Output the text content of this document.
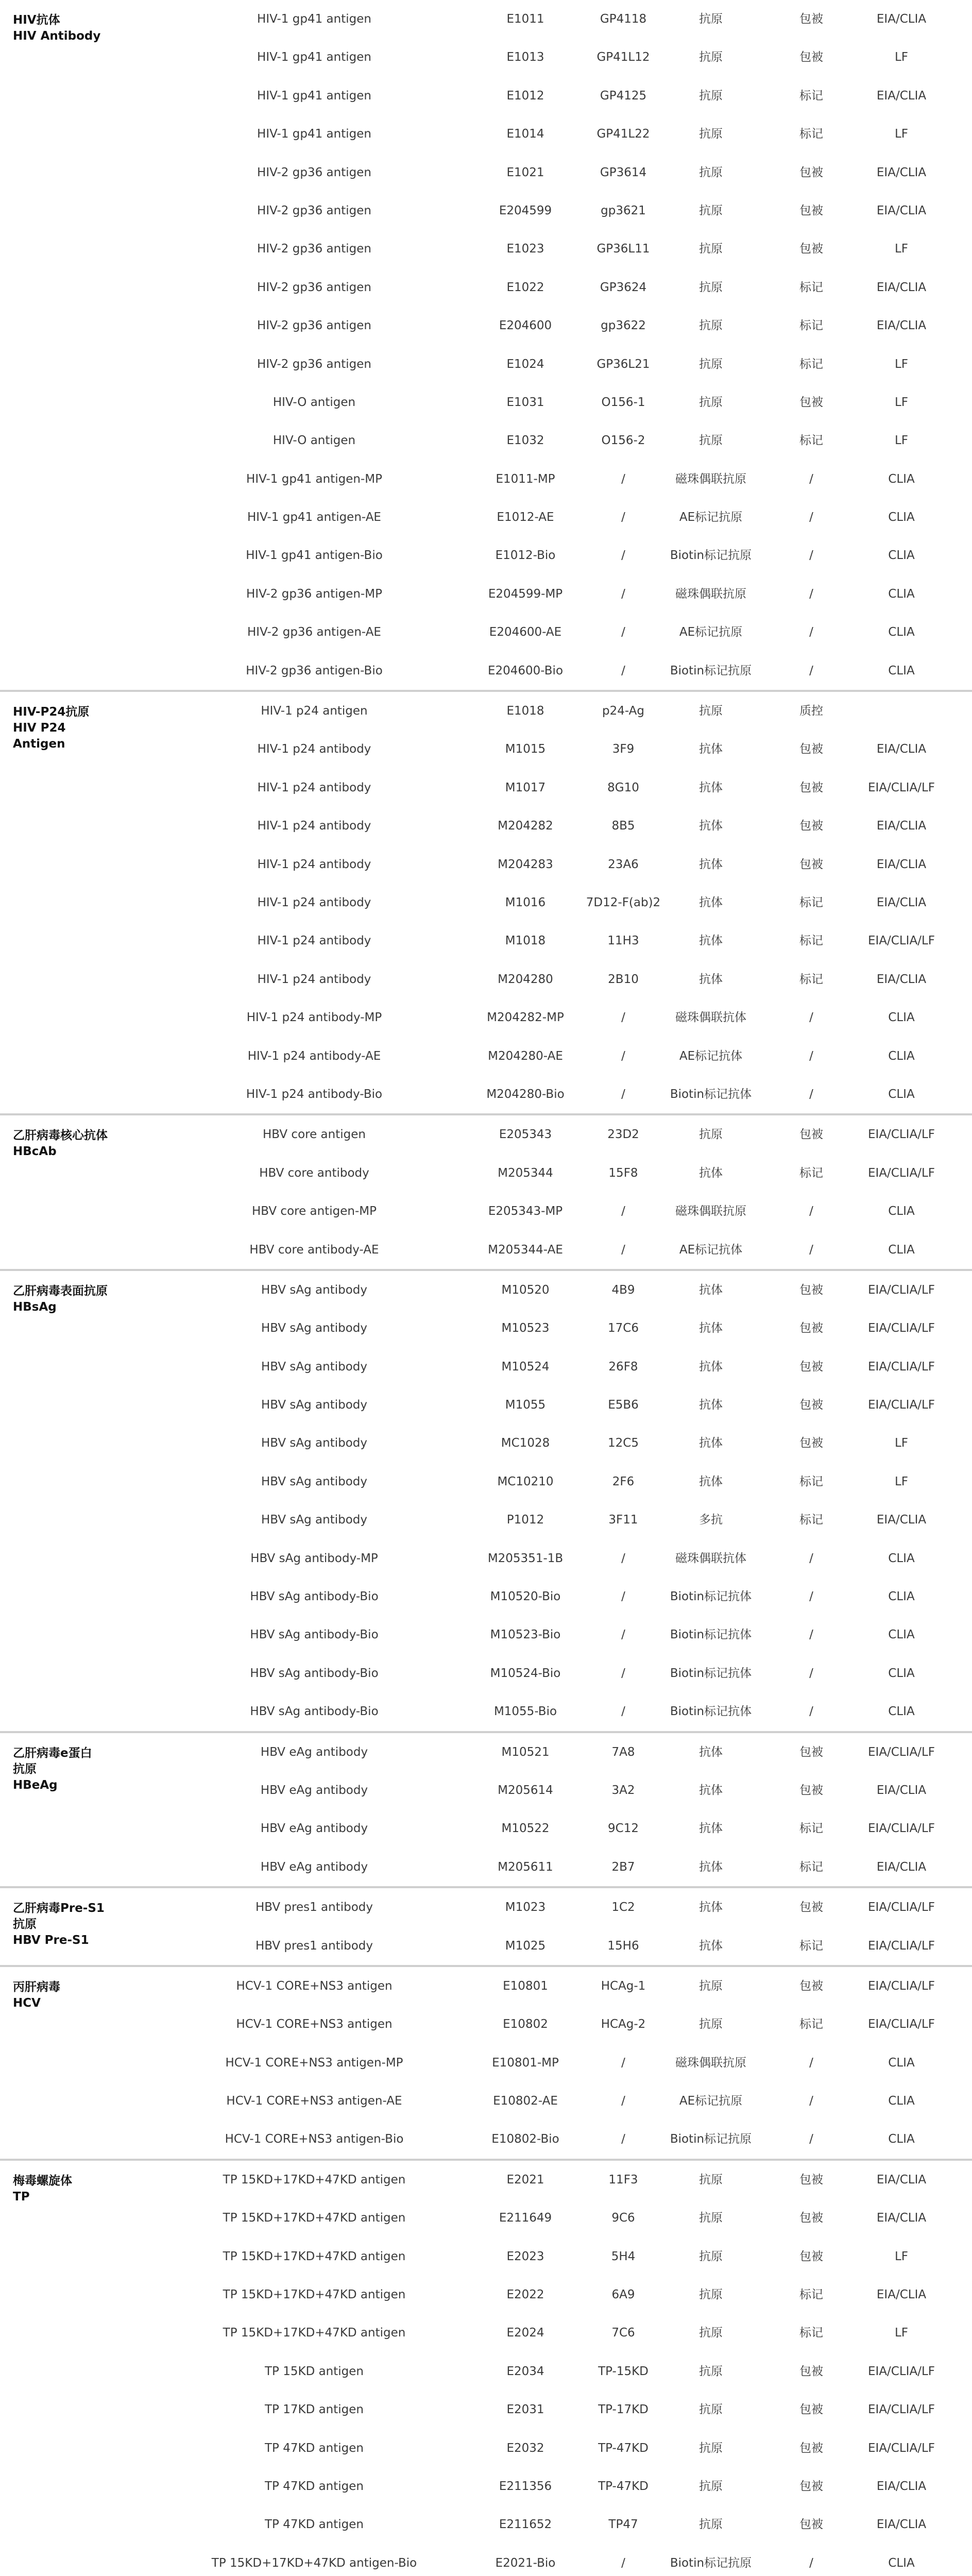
HIV抗体
HIV Antibody
HIV-1 gp41 antigen	E1011	GP4118	抗原	包被	EIA/CLIA
HIV-1 gp41 antigen	E1013	GP41L12	抗原	包被	LF
HIV-1 gp41 antigen	E1012	GP4125	抗原	标记	EIA/CLIA
HIV-1 gp41 antigen	E1014	GP41L22	抗原	标记	LF
HIV-2 gp36 antigen	E1021	GP3614	抗原	包被	EIA/CLIA
HIV-2 gp36 antigen	E204599	gp3621	抗原	包被	EIA/CLIA
HIV-2 gp36 antigen	E1023	GP36L11	抗原	包被	LF
HIV-2 gp36 antigen	E1022	GP3624	抗原	标记	EIA/CLIA
HIV-2 gp36 antigen	E204600	gp3622	抗原	标记	EIA/CLIA
HIV-2 gp36 antigen	E1024	GP36L21	抗原	标记	LF
HIV-O antigen	E1031	O156-1	抗原	包被	LF
HIV-O antigen	E1032	O156-2	抗原	标记	LF
HIV-1 gp41 antigen-MP	E1011-MP	/	磁珠偶联抗原	/	CLIA
HIV-1 gp41 antigen-AE	E1012-AE	/	AE标记抗原	/	CLIA
HIV-1 gp41 antigen-Bio	E1012-Bio	/	Biotin标记抗原	/	CLIA
HIV-2 gp36 antigen-MP	E204599-MP	/	磁珠偶联抗原	/	CLIA
HIV-2 gp36 antigen-AE	E204600-AE	/	AE标记抗原	/	CLIA
HIV-2 gp36 antigen-Bio	E204600-Bio	/	Biotin标记抗原	/	CLIA
HIV-P24抗原
HIV P24 Antigen
HIV-1 p24 antigen	E1018	p24-Ag	抗原	质控
HIV-1 p24 antibody	M1015	3F9	抗体	包被	EIA/CLIA
HIV-1 p24 antibody	M1017	8G10	抗体	包被	EIA/CLIA/LF
HIV-1 p24 antibody	M204282	8B5	抗体	包被	EIA/CLIA
HIV-1 p24 antibody	M204283	23A6	抗体	包被	EIA/CLIA
HIV-1 p24 antibody	M1016	7D12-F(ab)2	抗体	标记	EIA/CLIA
HIV-1 p24 antibody	M1018	11H3	抗体	标记	EIA/CLIA/LF
HIV-1 p24 antibody	M204280	2B10	抗体	标记	EIA/CLIA
HIV-1 p24 antibody-MP	M204282-MP	/	磁珠偶联抗体	/	CLIA
HIV-1 p24 antibody-AE	M204280-AE	/	AE标记抗体	/	CLIA
HIV-1 p24 antibody-Bio	M204280-Bio	/	Biotin标记抗体	/	CLIA
乙肝病毒核心抗体
HBcAb
HBV core antigen	E205343	23D2	抗原	包被	EIA/CLIA/LF
HBV core antibody	M205344	15F8	抗体	标记	EIA/CLIA/LF
HBV core antigen-MP	E205343-MP	/	磁珠偶联抗原	/	CLIA
HBV core antibody-AE	M205344-AE	/	AE标记抗体	/	CLIA
乙肝病毒表面抗原
HBsAg
HBV sAg antibody	M10520	4B9	抗体	包被	EIA/CLIA/LF
HBV sAg antibody	M10523	17C6	抗体	包被	EIA/CLIA/LF
HBV sAg antibody	M10524	26F8	抗体	包被	EIA/CLIA/LF
HBV sAg antibody	M1055	E5B6	抗体	包被	EIA/CLIA/LF
HBV sAg antibody	MC1028	12C5	抗体	包被	LF
HBV sAg antibody	MC10210	2F6	抗体	标记	LF
HBV sAg antibody	P1012	3F11	多抗	标记	EIA/CLIA
HBV sAg antibody-MP	M205351-1B	/	磁珠偶联抗体	/	CLIA
HBV sAg antibody-Bio	M10520-Bio	/	Biotin标记抗体	/	CLIA
HBV sAg antibody-Bio	M10523-Bio	/	Biotin标记抗体	/	CLIA
HBV sAg antibody-Bio	M10524-Bio	/	Biotin标记抗体	/	CLIA
HBV sAg antibody-Bio	M1055-Bio	/	Biotin标记抗体	/	CLIA
乙肝病毒e蛋白
抗原
HBeAg
HBV eAg antibody	M10521	7A8	抗体	包被	EIA/CLIA/LF
HBV eAg antibody	M205614	3A2	抗体	包被	EIA/CLIA
HBV eAg antibody	M10522	9C12	抗体	标记	EIA/CLIA/LF
HBV eAg antibody	M205611	2B7	抗体	标记	EIA/CLIA
乙肝病毒Pre-S1
抗原
HBV Pre-S1
HBV pres1 antibody	M1023	1C2	抗体	包被	EIA/CLIA/LF
HBV pres1 antibody	M1025	15H6	抗体	标记	EIA/CLIA/LF
丙肝病毒
HCV
HCV-1 CORE+NS3 antigen	E10801	HCAg-1	抗原	包被	EIA/CLIA/LF
HCV-1 CORE+NS3 antigen	E10802	HCAg-2	抗原	标记	EIA/CLIA/LF
HCV-1 CORE+NS3 antigen-MP	E10801-MP	/	磁珠偶联抗原	/	CLIA
HCV-1 CORE+NS3 antigen-AE	E10802-AE	/	AE标记抗原	/	CLIA
HCV-1 CORE+NS3 antigen-Bio	E10802-Bio	/	Biotin标记抗原	/	CLIA
梅毒螺旋体
TP
TP 15KD+17KD+47KD antigen	E2021	11F3	抗原	包被	EIA/CLIA
TP 15KD+17KD+47KD antigen	E211649	9C6	抗原	包被	EIA/CLIA
TP 15KD+17KD+47KD antigen	E2023	5H4	抗原	包被	LF
TP 15KD+17KD+47KD antigen	E2022	6A9	抗原	标记	EIA/CLIA
TP 15KD+17KD+47KD antigen	E2024	7C6	抗原	标记	LF
TP 15KD antigen	E2034	TP-15KD	抗原	包被	EIA/CLIA/LF
TP 17KD antigen	E2031	TP-17KD	抗原	包被	EIA/CLIA/LF
TP 47KD antigen	E2032	TP-47KD	抗原	包被	EIA/CLIA/LF
TP 47KD antigen	E211356	TP-47KD	抗原	包被	EIA/CLIA
TP 47KD antigen	E211652	TP47	抗原	包被	EIA/CLIA
TP 15KD+17KD+47KD antigen-Bio	E2021-Bio	/	Biotin标记抗原	/	CLIA
